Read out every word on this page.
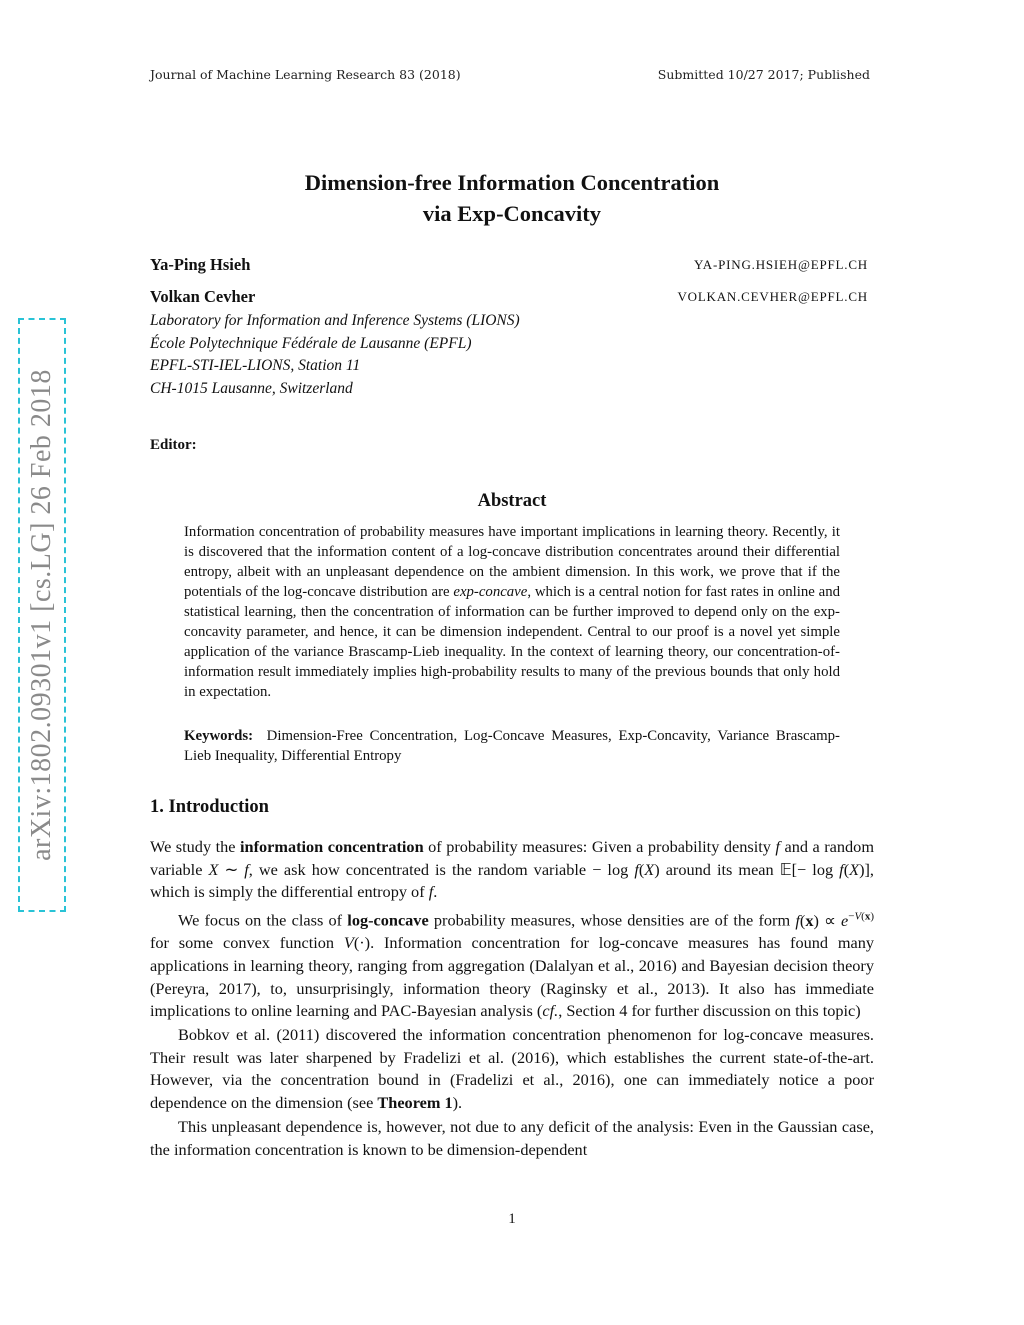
Journal of Machine Learning Research 83 (2018)	Submitted 10/27 2017; Published
arXiv:1802.09301v1 [cs.LG] 26 Feb 2018
Dimension-free Information Concentration
via Exp-Concavity
Ya-Ping Hsieh	YA-PING.HSIEH@EPFL.CH
Volkan Cevher	VOLKAN.CEVHER@EPFL.CH
Laboratory for Information and Inference Systems (LIONS)
École Polytechnique Fédérale de Lausanne (EPFL)
EPFL-STI-IEL-LIONS, Station 11
CH-1015 Lausanne, Switzerland
Editor:
Abstract
Information concentration of probability measures have important implications in learning theory. Recently, it is discovered that the information content of a log-concave distribution concentrates around their differential entropy, albeit with an unpleasant dependence on the ambient dimension. In this work, we prove that if the potentials of the log-concave distribution are exp-concave, which is a central notion for fast rates in online and statistical learning, then the concentration of information can be further improved to depend only on the exp-concavity parameter, and hence, it can be dimension independent. Central to our proof is a novel yet simple application of the variance Brascamp-Lieb inequality. In the context of learning theory, our concentration-of-information result immediately implies high-probability results to many of the previous bounds that only hold in expectation.
Keywords: Dimension-Free Concentration, Log-Concave Measures, Exp-Concavity, Variance Brascamp-Lieb Inequality, Differential Entropy
1. Introduction

We study the information concentration of probability measures: Given a probability density f and a random variable X ∼ f, we ask how concentrated is the random variable − log f(X) around its mean 𝔼[− log f(X)], which is simply the differential entropy of f.

We focus on the class of log-concave probability measures, whose densities are of the form $f(x) \propto e^{-V(x)}$ for some convex function V(·). Information concentration for log-concave measures has found many applications in learning theory, ranging from aggregation (Dalalyan et al., 2016) and Bayesian decision theory (Pereyra, 2017), to, unsurprisingly, information theory (Raginsky et al., 2013). It also has immediate implications to online learning and PAC-Bayesian analysis (cf., Section 4 for further discussion on this topic)

Bobkov et al. (2011) discovered the information concentration phenomenon for log-concave measures. Their result was later sharpened by Fradelizi et al. (2016), which establishes the current state-of-the-art. However, via the concentration bound in (Fradelizi et al., 2016), one can immediately notice a poor dependence on the dimension (see Theorem 1).

This unpleasant dependence is, however, not due to any deficit of the analysis: Even in the Gaussian case, the information concentration is known to be dimension-dependent

1
